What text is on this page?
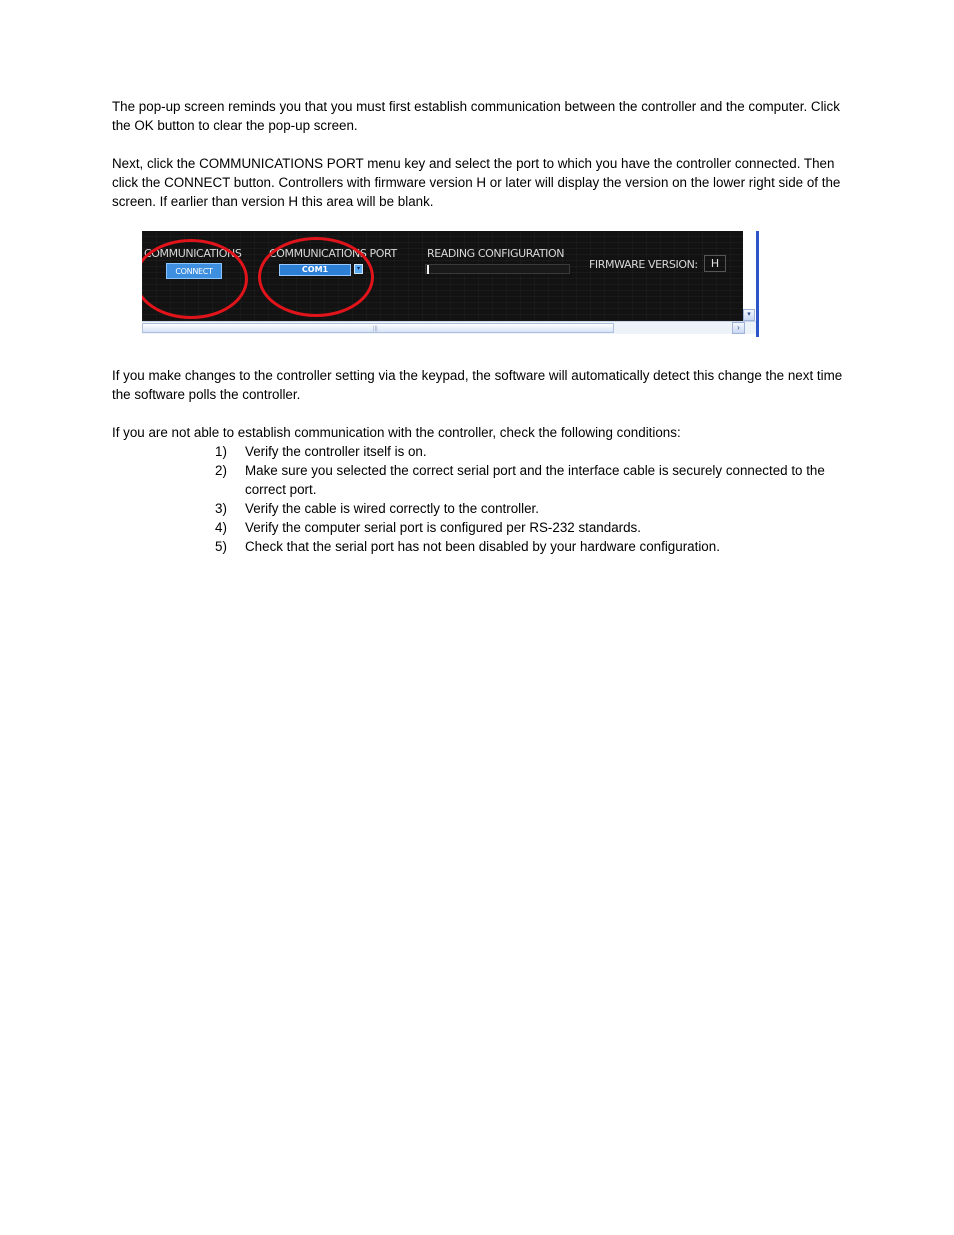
The pop-up screen reminds you that you must first establish communication between the controller and the computer. Click the OK button to clear the pop-up screen.

Next, click the COMMUNICATIONS PORT menu key and select the port to which you have the controller connected. Then click the CONNECT button. Controllers with firmware version H or later will display the version on the lower right side of the screen. If earlier than version H this area will be blank.

COMMUNICATIONS
CONNECT
COMMUNICATIONS PORT
COM1	▾
READING CONFIGURATION
FIRMWARE VERSION:	H
▾
|||	›

If you make changes to the controller setting via the keypad, the software will automatically detect this change the next time the software polls the controller.

If you are not able to establish communication with the controller, check the following conditions:

1)	Verify the controller itself is on.
2)	Make sure you selected the correct serial port and the interface cable is securely connected to the correct port.
3)	Verify the cable is wired correctly to the controller.
4)	Verify the computer serial port is configured per RS-232 standards.
5)	Check that the serial port has not been disabled by your hardware configuration.
